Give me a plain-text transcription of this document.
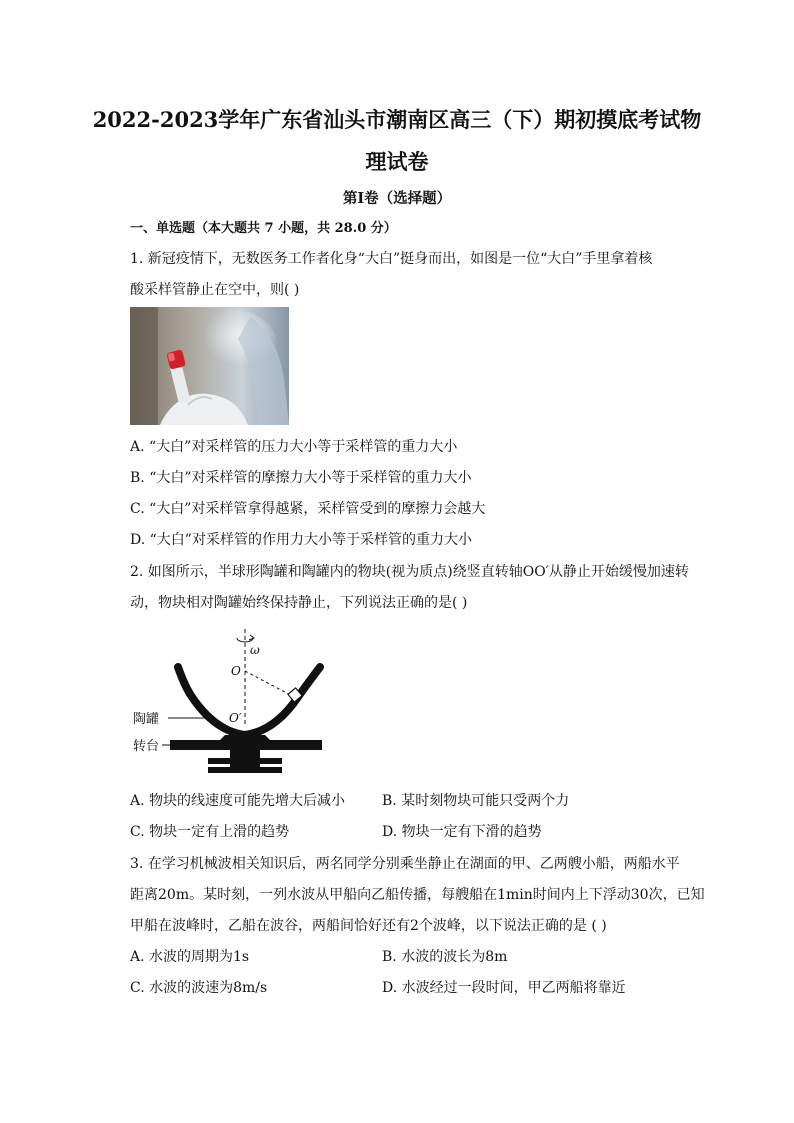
2022-2023学年广东省汕头市潮南区高三（下）期初摸底考试物
理试卷
第I卷（选择题）
一、单选题（本大题共 7 小题，共 28.0 分）
1. 新冠疫情下，无数医务工作者化身“大白”挺身而出，如图是一位“大白”手里拿着核
酸采样管静止在空中，则( )
A. “大白”对采样管的压力大小等于采样管的重力大小
B. “大白”对采样管的摩擦力大小等于采样管的重力大小
C. “大白”对采样管拿得越紧，采样管受到的摩擦力会越大
D. “大白”对采样管的作用力大小等于采样管的重力大小
2. 如图所示，半球形陶罐和陶罐内的物块(视为质点)绕竖直转轴OO′从静止开始缓慢加速转
动，物块相对陶罐始终保持静止，下列说法正确的是( )
ω
O
O′
陶罐
转台
A. 物块的线速度可能先增大后减小	B. 某时刻物块可能只受两个力
C. 物块一定有上滑的趋势	D. 物块一定有下滑的趋势
3. 在学习机械波相关知识后，两名同学分别乘坐静止在湖面的甲、乙两艘小船，两船水平
距离20m。某时刻，一列水波从甲船向乙船传播，每艘船在1min时间内上下浮动30次，已知
甲船在波峰时，乙船在波谷，两船间恰好还有2个波峰，以下说法正确的是 ( )
A. 水波的周期为1s	B. 水波的波长为8m
C. 水波的波速为8m/s	D. 水波经过一段时间，甲乙两船将靠近
